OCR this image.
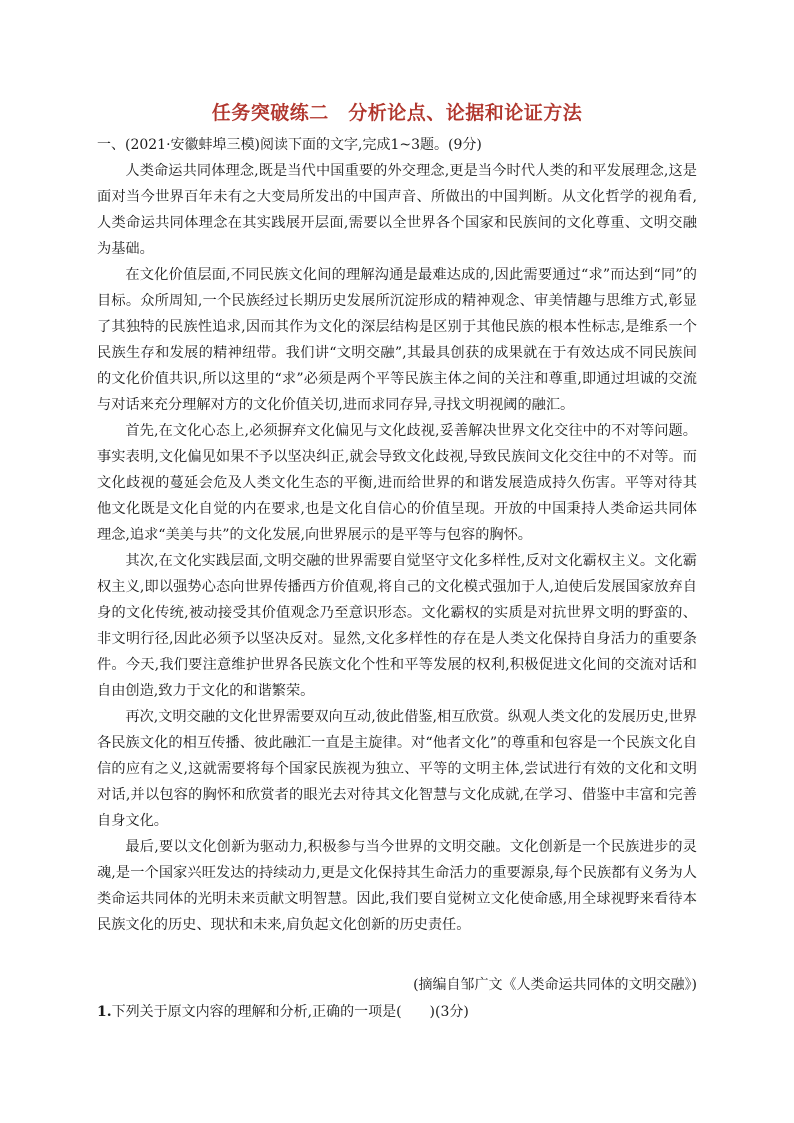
任务突破练二　分析论点、论据和论证方法
一、(2021·安徽蚌埠三模)阅读下面的文字,完成1~3题。(9分)

人类命运共同体理念,既是当代中国重要的外交理念,更是当今时代人类的和平发展理念,这是面对当今世界百年未有之大变局所发出的中国声音、所做出的中国判断。从文化哲学的视角看,人类命运共同体理念在其实践展开层面,需要以全世界各个国家和民族间的文化尊重、文明交融为基础。

在文化价值层面,不同民族文化间的理解沟通是最难达成的,因此需要通过“求”而达到“同”的目标。众所周知,一个民族经过长期历史发展所沉淀形成的精神观念、审美情趣与思维方式,彰显了其独特的民族性追求,因而其作为文化的深层结构是区别于其他民族的根本性标志,是维系一个民族生存和发展的精神纽带。我们讲“文明交融”,其最具创获的成果就在于有效达成不同民族间的文化价值共识,所以这里的“求”必须是两个平等民族主体之间的关注和尊重,即通过坦诚的交流与对话来充分理解对方的文化价值关切,进而求同存异,寻找文明视阈的融汇。

首先,在文化心态上,必须摒弃文化偏见与文化歧视,妥善解决世界文化交往中的不对等问题。事实表明,文化偏见如果不予以坚决纠正,就会导致文化歧视,导致民族间文化交往中的不对等。而文化歧视的蔓延会危及人类文化生态的平衡,进而给世界的和谐发展造成持久伤害。平等对待其他文化既是文化自觉的内在要求,也是文化自信心的价值呈现。开放的中国秉持人类命运共同体理念,追求“美美与共”的文化发展,向世界展示的是平等与包容的胸怀。

其次,在文化实践层面,文明交融的世界需要自觉坚守文化多样性,反对文化霸权主义。文化霸权主义,即以强势心态向世界传播西方价值观,将自己的文化模式强加于人,迫使后发展国家放弃自身的文化传统,被动接受其价值观念乃至意识形态。文化霸权的实质是对抗世界文明的野蛮的、非文明行径,因此必须予以坚决反对。显然,文化多样性的存在是人类文化保持自身活力的重要条件。今天,我们要注意维护世界各民族文化个性和平等发展的权利,积极促进文化间的交流对话和自由创造,致力于文化的和谐繁荣。

再次,文明交融的文化世界需要双向互动,彼此借鉴,相互欣赏。纵观人类文化的发展历史,世界各民族文化的相互传播、彼此融汇一直是主旋律。对“他者文化”的尊重和包容是一个民族文化自信的应有之义,这就需要将每个国家民族视为独立、平等的文明主体,尝试进行有效的文化和文明对话,并以包容的胸怀和欣赏者的眼光去对待其文化智慧与文化成就,在学习、借鉴中丰富和完善自身文化。

最后,要以文化创新为驱动力,积极参与当今世界的文明交融。文化创新是一个民族进步的灵魂,是一个国家兴旺发达的持续动力,更是文化保持其生命活力的重要源泉,每个民族都有义务为人类命运共同体的光明未来贡献文明智慧。因此,我们要自觉树立文化使命感,用全球视野来看待本民族文化的历史、现状和未来,肩负起文化创新的历史责任。

(摘编自邹广文《人类命运共同体的文明交融》)
1.下列关于原文内容的理解和分析,正确的一项是(　　)(3分)
